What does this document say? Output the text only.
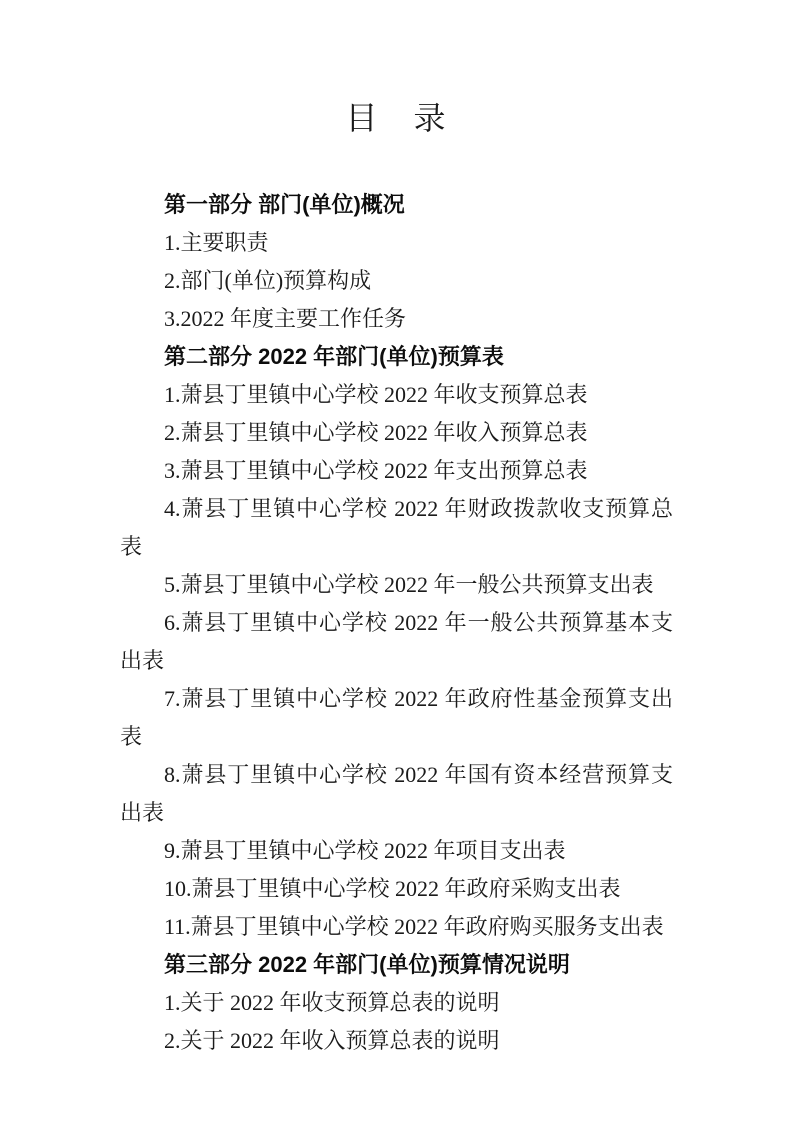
目　录

第一部分 部门(单位)概况

1.主要职责

2.部门(单位)预算构成

3.2022 年度主要工作任务

第二部分 2022 年部门(单位)预算表

1.萧县丁里镇中心学校 2022 年收支预算总表

2.萧县丁里镇中心学校 2022 年收入预算总表

3.萧县丁里镇中心学校 2022 年支出预算总表

4.萧县丁里镇中心学校 2022 年财政拨款收支预算总表

5.萧县丁里镇中心学校 2022 年一般公共预算支出表

6.萧县丁里镇中心学校 2022 年一般公共预算基本支出表

7.萧县丁里镇中心学校 2022 年政府性基金预算支出表

8.萧县丁里镇中心学校 2022 年国有资本经营预算支出表

9.萧县丁里镇中心学校 2022 年项目支出表

10.萧县丁里镇中心学校 2022 年政府采购支出表

11.萧县丁里镇中心学校 2022 年政府购买服务支出表

第三部分 2022 年部门(单位)预算情况说明

1.关于 2022 年收支预算总表的说明

2.关于 2022 年收入预算总表的说明
